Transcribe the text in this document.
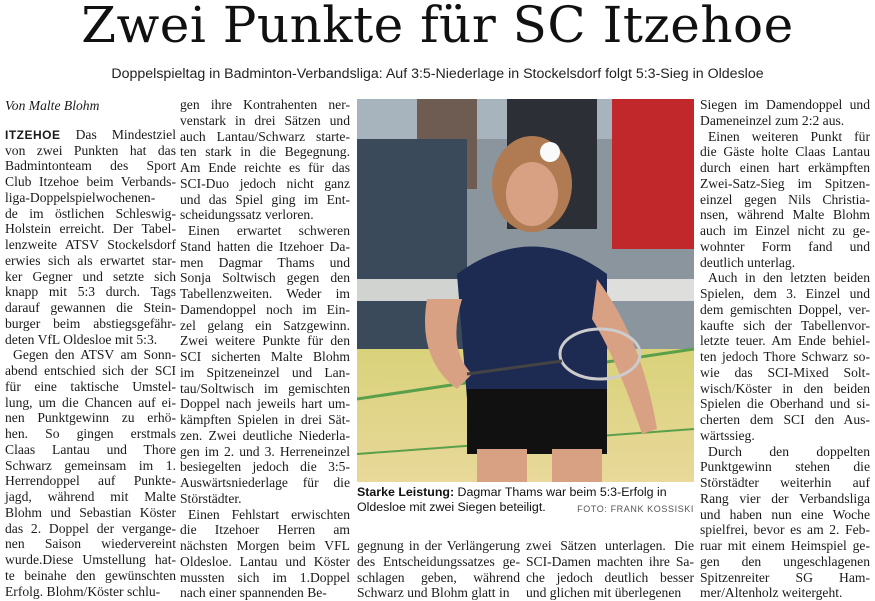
Zwei Punkte für SC Itzehoe
Doppelspieltag in Badminton-Verbandsliga: Auf 3:5-Niederlage in Stockelsdorf folgt 5:3-Sieg in Oldesloe
Von Malte Blohm
ITZEHOE Das Mindestziel
von zwei Punkten hat das
Badmintonteam des Sport
Club Itzehoe beim Verbands-
liga-Doppelspielwochenen-
de im östlichen Schleswig-
Holstein erreicht. Der Tabel-
lenzweite ATSV Stockelsdorf
erwies sich als erwartet star-
ker Gegner und setzte sich
knapp mit 5:3 durch. Tags
darauf gewannen die Stein-
burger beim abstiegsgefähr-
deten VfL Oldesloe mit 5:3.
Gegen den ATSV am Sonn-
abend entschied sich der SCI
für eine taktische Umstel-
lung, um die Chancen auf ei-
nen Punktgewinn zu erhö-
hen. So gingen erstmals
Claas Lantau und Thore
Schwarz gemeinsam im 1.
Herrendoppel auf Punkte-
jagd, während mit Malte
Blohm und Sebastian Köster
das 2. Doppel der vergange-
nen Saison wiedervereint
wurde.Diese Umstellung hat-
te beinahe den gewünschten
Erfolg. Blohm/Köster schlu-
gen ihre Kontrahenten ner-
venstark in drei Sätzen und
auch Lantau/Schwarz starte-
ten stark in die Begegnung.
Am Ende reichte es für das
SCI-Duo jedoch nicht ganz
und das Spiel ging im Ent-
scheidungssatz verloren.
Einen erwartet schweren
Stand hatten die Itzehoer Da-
men Dagmar Thams und
Sonja Soltwisch gegen den
Tabellenzweiten. Weder im
Damendoppel noch im Ein-
zel gelang ein Satzgewinn.
Zwei weitere Punkte für den
SCI sicherten Malte Blohm
im Spitzeneinzel und Lan-
tau/Soltwisch im gemischten
Doppel nach jeweils hart um-
kämpften Spielen in drei Sät-
zen. Zwei deutliche Niederla-
gen im 2. und 3. Herreneinzel
besiegelten jedoch die 3:5-
Auswärtsniederlage für die
Störstädter.
Einen Fehlstart erwischten
die Itzehoer Herren am
nächsten Morgen beim VFL
Oldesloe. Lantau und Köster
mussten sich im 1.Doppel
nach einer spannenden Be-
gegnung in der Verlängerung
des Entscheidungssatzes ge-
schlagen geben, während
Schwarz und Blohm glatt in
zwei Sätzen unterlagen. Die
SCI-Damen machten ihre Sa-
che jedoch deutlich besser
und glichen mit überlegenen
Siegen im Damendoppel und
Dameneinzel zum 2:2 aus.
Einen weiteren Punkt für
die Gäste holte Claas Lantau
durch einen hart erkämpften
Zwei-Satz-Sieg im Spitzen-
einzel gegen Nils Christia-
nsen, während Malte Blohm
auch im Einzel nicht zu ge-
wohnter Form fand und
deutlich unterlag.
Auch in den letzten beiden
Spielen, dem 3. Einzel und
dem gemischten Doppel, ver-
kaufte sich der Tabellenvor-
letzte teuer. Am Ende behiel-
ten jedoch Thore Schwarz so-
wie das SCI-Mixed Solt-
wisch/Köster in den beiden
Spielen die Oberhand und si-
cherten dem SCI den Aus-
wärtssieg.
Durch den doppelten
Punktgewinn stehen die
Störstädter weiterhin auf
Rang vier der Verbandsliga
und haben nun eine Woche
spielfrei, bevor es am 2. Feb-
ruar mit einem Heimspiel ge-
gen den ungeschlagenen
Spitzenreiter SG Ham-
mer/Altenholz weitergeht.
Starke Leistung: Dagmar Thams war beim 5:3-Erfolg in Oldesloe mit zwei Siegen beteiligt.	FOTO: FRANK KOSSISKI
